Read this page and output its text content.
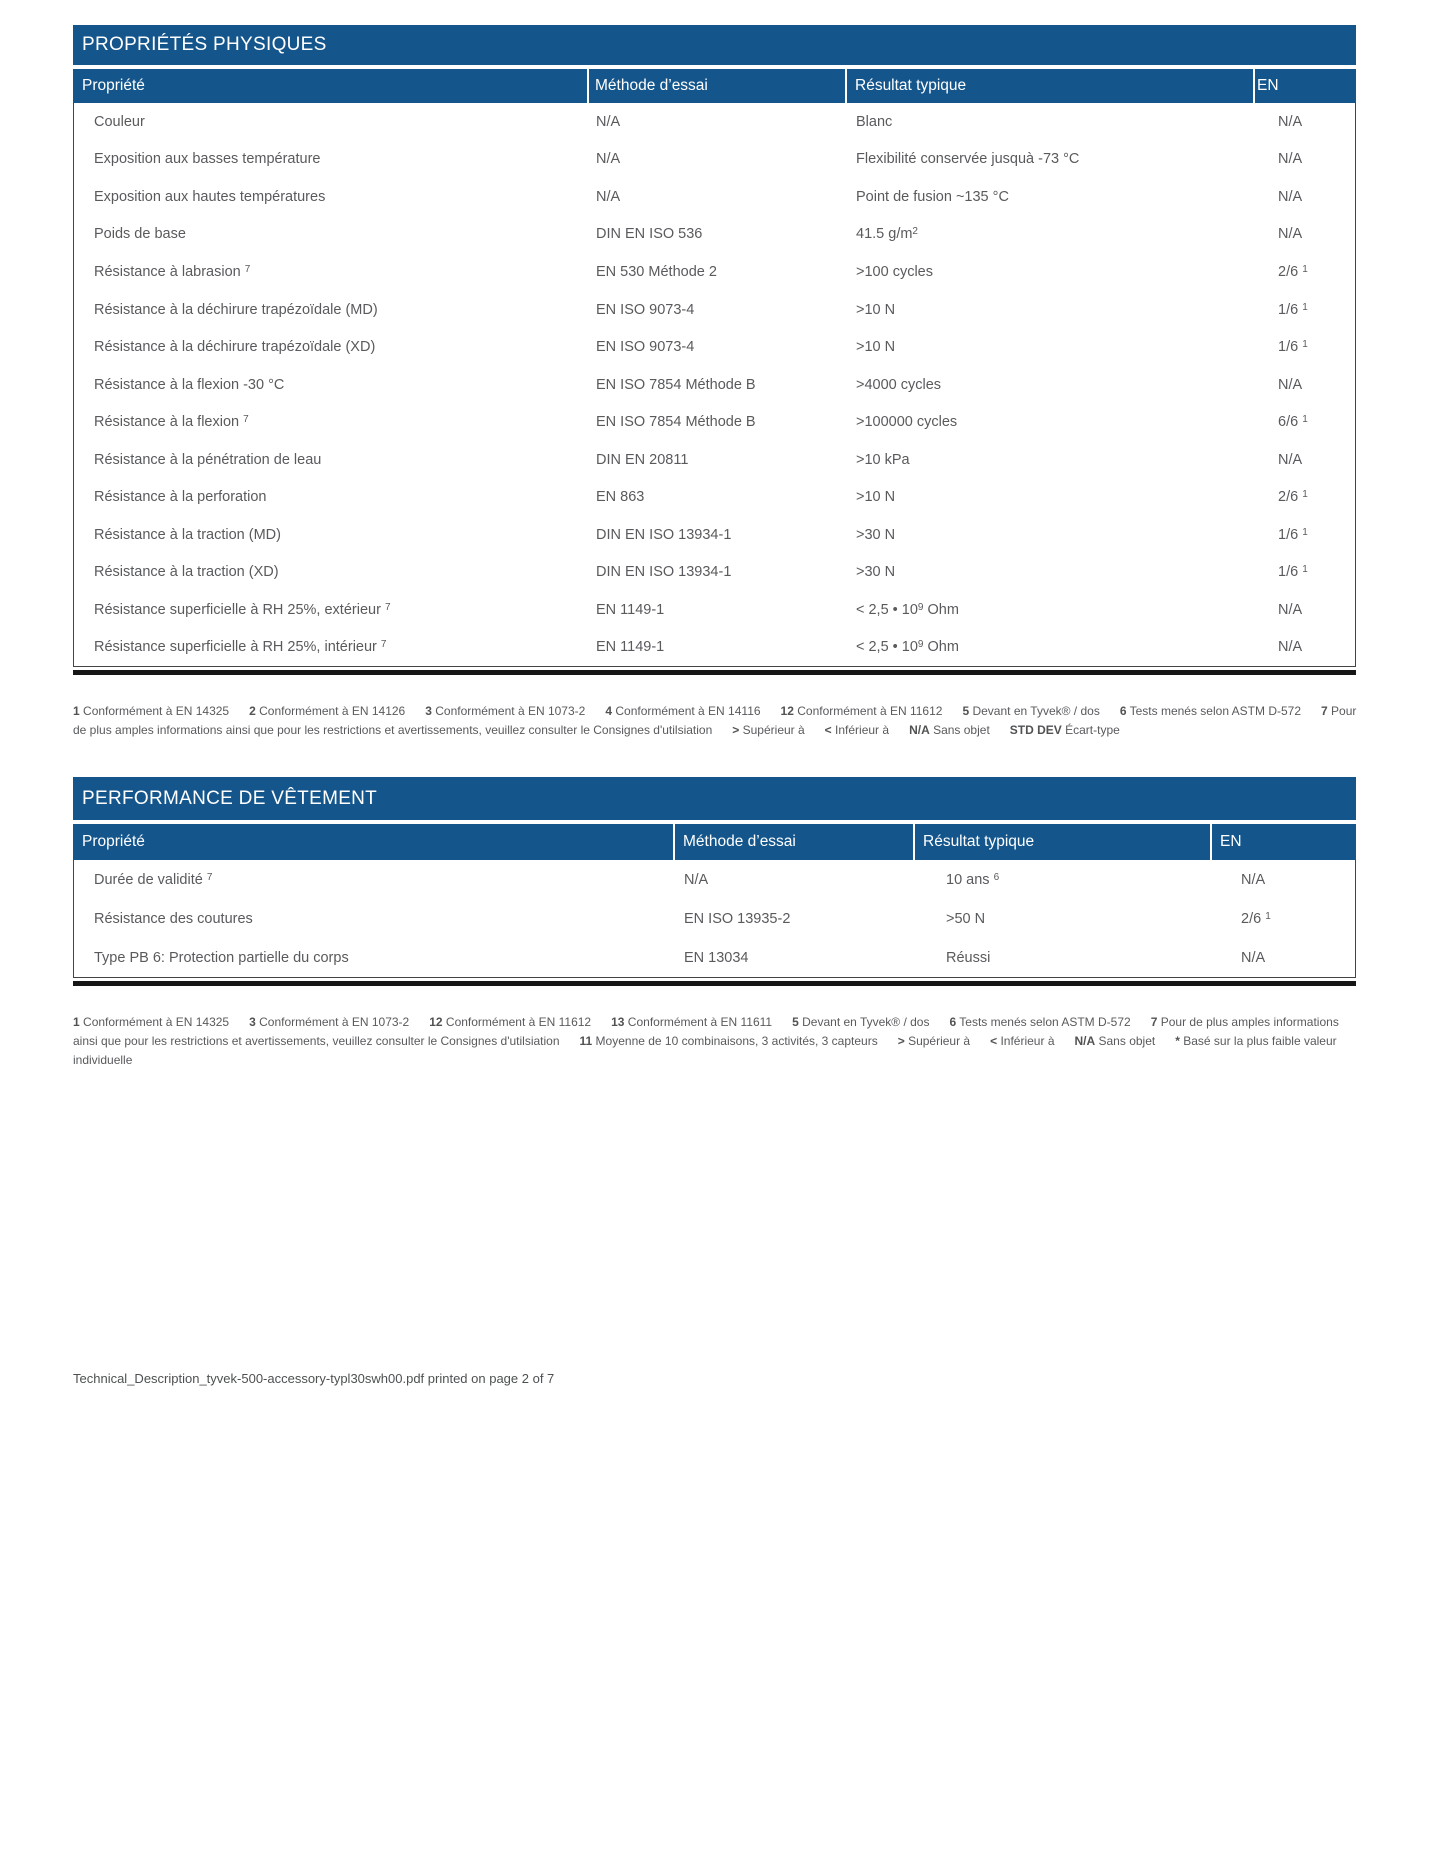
PROPRIÉTÉS PHYSIQUES
Propriété	Méthode d’essai	Résultat typique	EN
Couleur	N/A	Blanc	N/A
Exposition aux basses température	N/A	Flexibilité conservée jusquà -73 °C	N/A
Exposition aux hautes températures	N/A	Point de fusion ~135 °C	N/A
Poids de base	DIN EN ISO 536	41.5 $g/m^2$	N/A
Résistance à labrasion $^7$	EN 530 Méthode 2	>100 cycles	2/6 $^1$
Résistance à la déchirure trapézoïdale (MD)	EN ISO 9073-4	>10 N	1/6 $^1$
Résistance à la déchirure trapézoïdale (XD)	EN ISO 9073-4	>10 N	1/6 $^1$
Résistance à la flexion -30 °C	EN ISO 7854 Méthode B	>4000 cycles	N/A
Résistance à la flexion $^7$	EN ISO 7854 Méthode B	>100000 cycles	6/6 $^1$
Résistance à la pénétration de leau	DIN EN 20811	>10 kPa	N/A
Résistance à la perforation	EN 863	>10 N	2/6 $^1$
Résistance à la traction (MD)	DIN EN ISO 13934-1	>30 N	1/6 $^1$
Résistance à la traction (XD)	DIN EN ISO 13934-1	>30 N	1/6 $^1$
Résistance superficielle à RH 25%, extérieur $^7$	EN 1149-1	< 2,5 • $10^9$ Ohm	N/A
Résistance superficielle à RH 25%, intérieur $^7$	EN 1149-1	< 2,5 • $10^9$ Ohm	N/A
1 Conformément à EN 14325 2 Conformément à EN 14126 3 Conformément à EN 1073-2 4 Conformément à EN 14116 12 Conformément à EN 11612 5 Devant en Tyvek® / dos 6 Tests menés selon ASTM D-572 7 Pour de plus amples informations ainsi que pour les restrictions et avertissements, veuillez consulter le Consignes d'utilsiation > Supérieur à < Inférieur à N/A Sans objet STD DEV Écart-type
PERFORMANCE DE VÊTEMENT
Propriété	Méthode d’essai	Résultat typique	EN
Durée de validité $^7$	N/A	10 ans $^6$	N/A
Résistance des coutures	EN ISO 13935-2	>50 N	2/6 $^1$
Type PB 6: Protection partielle du corps	EN 13034	Réussi	N/A
1 Conformément à EN 14325 3 Conformément à EN 1073-2 12 Conformément à EN 11612 13 Conformément à EN 11611 5 Devant en Tyvek® / dos 6 Tests menés selon ASTM D-572 7 Pour de plus amples informations ainsi que pour les restrictions et avertissements, veuillez consulter le Consignes d'utilsiation 11 Moyenne de 10 combinaisons, 3 activités, 3 capteurs > Supérieur à < Inférieur à N/A Sans objet * Basé sur la plus faible valeur individuelle
Technical_Description_tyvek-500-accessory-typl30swh00.pdf printed on page 2 of 7
